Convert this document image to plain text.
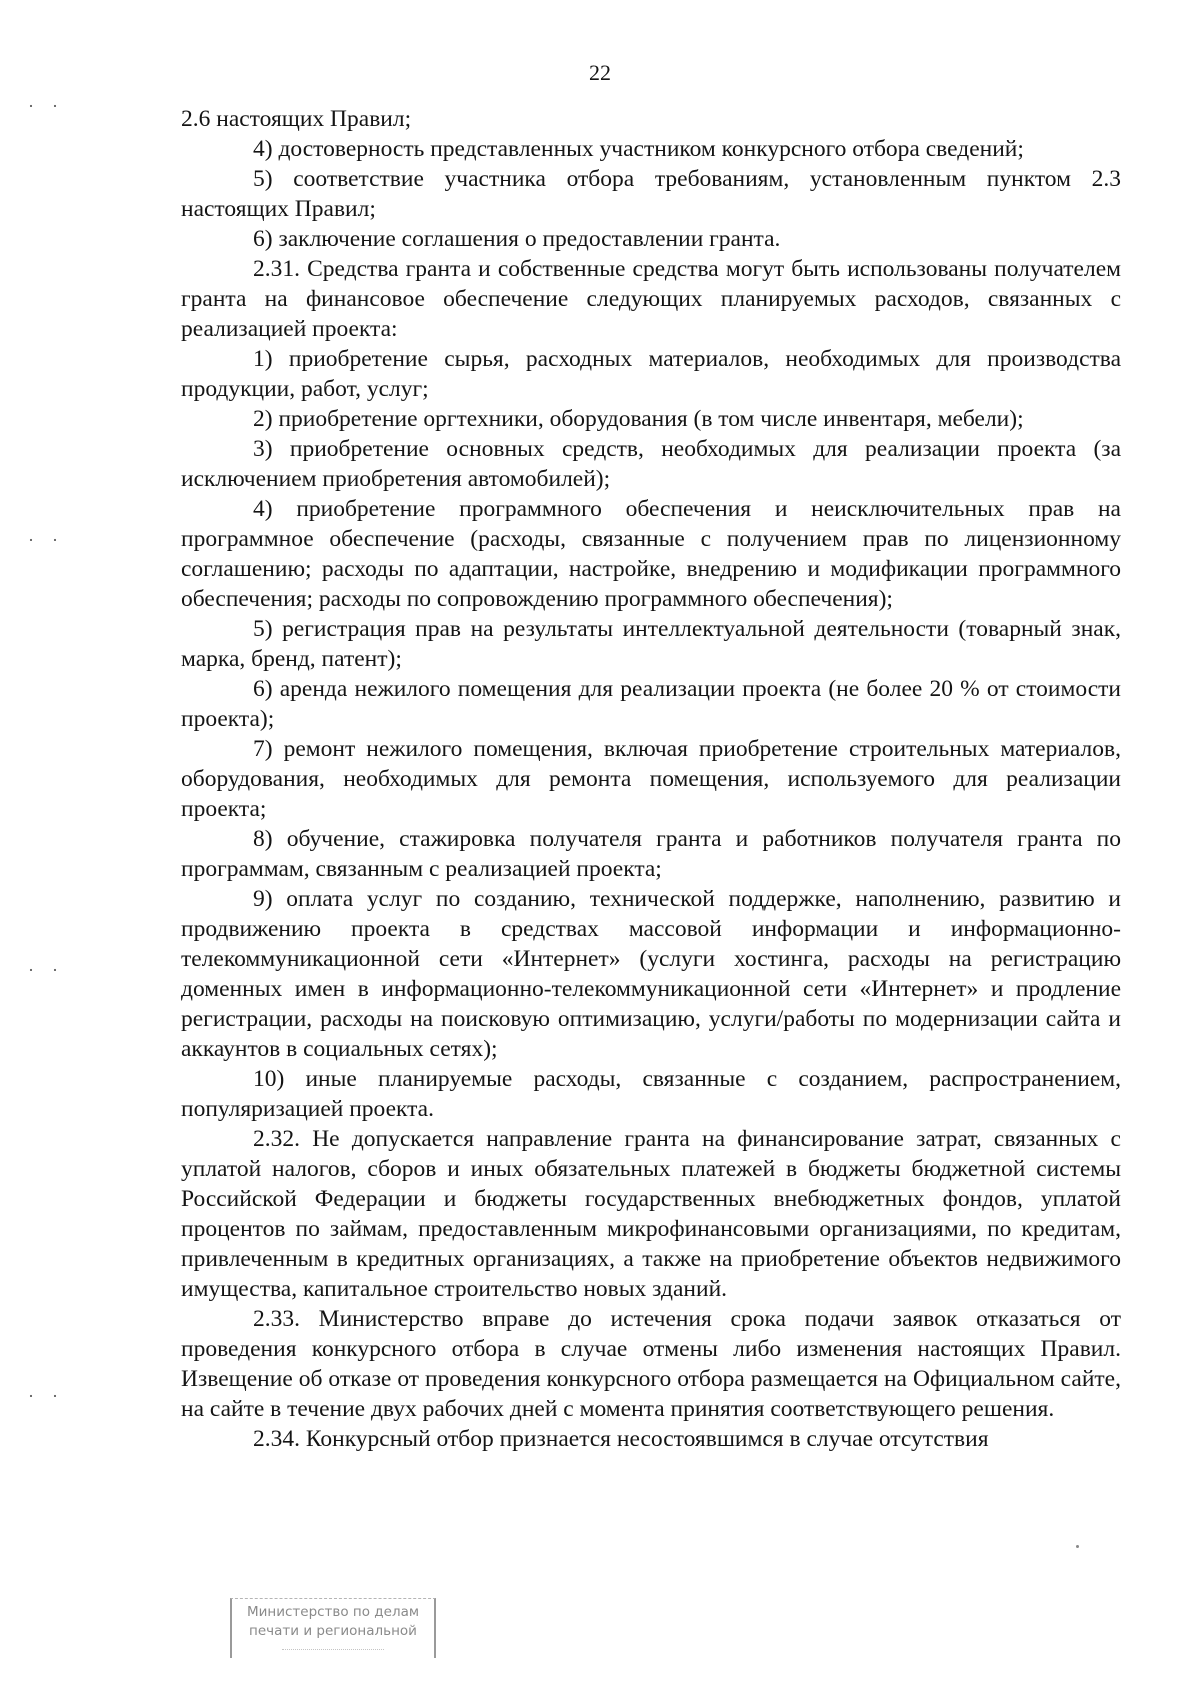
22
··
··
··
··

2.6 настоящих Правил;

4) достоверность представленных участником конкурсного отбора сведений;

5) соответствие участника отбора требованиям, установленным пунктом 2.3 настоящих Правил;

6) заключение соглашения о предоставлении гранта.

2.31. Средства гранта и собственные средства могут быть использованы получателем гранта на финансовое обеспечение следующих планируемых расходов, связанных с реализацией проекта:

1) приобретение сырья, расходных материалов, необходимых для производства продукции, работ, услуг;

2) приобретение оргтехники, оборудования (в том числе инвентаря, мебели);

3) приобретение основных средств, необходимых для реализации проекта (за исключением приобретения автомобилей);

4) приобретение программного обеспечения и неисключительных прав на программное обеспечение (расходы, связанные с получением прав по лицензионному соглашению; расходы по адаптации, настройке, внедрению и модификации программного обеспечения; расходы по сопровождению программного обеспечения);

5) регистрация прав на результаты интеллектуальной деятельности (товарный знак, марка, бренд, патент);

6) аренда нежилого помещения для реализации проекта (не более 20 % от стоимости проекта);

7) ремонт нежилого помещения, включая приобретение строительных материалов, оборудования, необходимых для ремонта помещения, используемого для реализации проекта;

8) обучение, стажировка получателя гранта и работников получателя гранта по программам, связанным с реализацией проекта;

9) оплата услуг по созданию, технической поддержке, наполнению, развитию и продвижению проекта в средствах массовой информации и информационно-телекоммуникационной сети «Интернет» (услуги хостинга, расходы на регистрацию доменных имен в информационно-телекоммуникационной сети «Интернет» и продление регистрации, расходы на поисковую оптимизацию, услуги/работы по модернизации сайта и аккаунтов в социальных сетях);

10) иные планируемые расходы, связанные с созданием, распространением, популяризацией проекта.

2.32. Не допускается направление гранта на финансирование затрат, связанных с уплатой налогов, сборов и иных обязательных платежей в бюджеты бюджетной системы Российской Федерации и бюджеты государственных внебюджетных фондов, уплатой процентов по займам, предоставленным микрофинансовыми организациями, по кредитам, привлеченным в кредитных организациях, а также на приобретение объектов недвижимого имущества, капитальное строительство новых зданий.

2.33. Министерство вправе до истечения срока подачи заявок отказаться от проведения конкурсного отбора в случае отмены либо изменения настоящих Правил. Извещение об отказе от проведения конкурсного отбора размещается на Официальном сайте, на сайте в течение двух рабочих дней с момента принятия соответствующего решения.

2.34. Конкурсный отбор признается несостоявшимся в случае отсутствия

Министерство по делам
печати и региональной
